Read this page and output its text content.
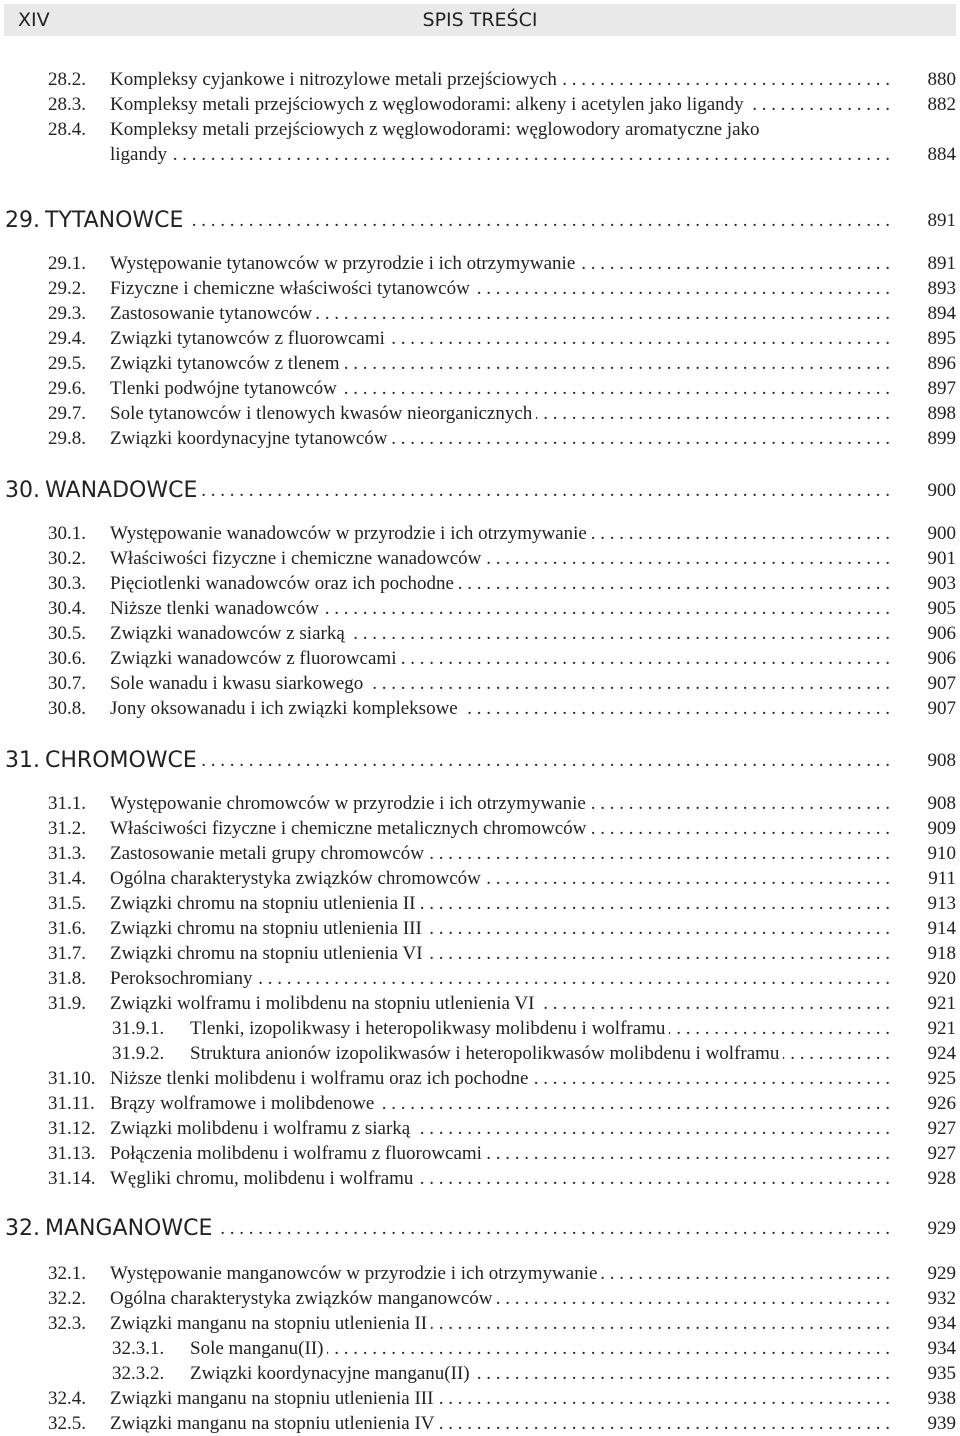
XIV	SPIS TREŚCI
28.2. Kompleksy cyjankowe i nitrozylowe metali przejściowych . . .	880
28.3. Kompleksy metali przejściowych z węglowodorami: alkeny i acetylen jako ligandy . . .	882
28.4. Kompleksy metali przejściowych z węglowodorami: węglowodory aromatyczne jako
ligandy . . .	884
29. TYTANOWCE . . .	891
29.1. Występowanie tytanowców w przyrodzie i ich otrzymywanie . . .	891
29.2. Fizyczne i chemiczne właściwości tytanowców . . .	893
29.3. Zastosowanie tytanowców . . .	894
29.4. Związki tytanowców z fluorowcami . . .	895
29.5. Związki tytanowców z tlenem . . .	896
29.6. Tlenki podwójne tytanowców . . .	897
29.7. Sole tytanowców i tlenowych kwasów nieorganicznych . . .	898
29.8. Związki koordynacyjne tytanowców . . .	899
30. WANADOWCE . . .	900
30.1. Występowanie wanadowców w przyrodzie i ich otrzymywanie . . .	900
30.2. Właściwości fizyczne i chemiczne wanadowców . . .	901
30.3. Pięciotlenki wanadowców oraz ich pochodne . . .	903
30.4. Niższe tlenki wanadowców . . .	905
30.5. Związki wanadowców z siarką . . .	906
30.6. Związki wanadowców z fluorowcami . . .	906
30.7. Sole wanadu i kwasu siarkowego . . .	907
30.8. Jony oksowanadu i ich związki kompleksowe . . .	907
31. CHROMOWCE . . .	908
31.1. Występowanie chromowców w przyrodzie i ich otrzymywanie . . .	908
31.2. Właściwości fizyczne i chemiczne metalicznych chromowców . . .	909
31.3. Zastosowanie metali grupy chromowców . . .	910
31.4. Ogólna charakterystyka związków chromowców . . .	911
31.5. Związki chromu na stopniu utlenienia II . . .	913
31.6. Związki chromu na stopniu utlenienia III . . .	914
31.7. Związki chromu na stopniu utlenienia VI . . .	918
31.8. Peroksochromiany . . .	920
31.9. Związki wolframu i molibdenu na stopniu utlenienia VI . . .	921
31.9.1. Tlenki, izopolikwasy i heteropolikwasy molibdenu i wolframu . . .	921
31.9.2. Struktura anionów izopolikwasów i heteropolikwasów molibdenu i wolframu . . .	924
31.10. Niższe tlenki molibdenu i wolframu oraz ich pochodne . . .	925
31.11. Brązy wolframowe i molibdenowe . . .	926
31.12. Związki molibdenu i wolframu z siarką . . .	927
31.13. Połączenia molibdenu i wolframu z fluorowcami . . .	927
31.14. Węgliki chromu, molibdenu i wolframu . . .	928
32. MANGANOWCE . . .	929
32.1. Występowanie manganowców w przyrodzie i ich otrzymywanie . . .	929
32.2. Ogólna charakterystyka związków manganowców . . .	932
32.3. Związki manganu na stopniu utlenienia II . . .	934
32.3.1. Sole manganu(II) . . .	934
32.3.2. Związki koordynacyjne manganu(II) . . .	935
32.4. Związki manganu na stopniu utlenienia III . . .	938
32.5. Związki manganu na stopniu utlenienia IV . . .	939
